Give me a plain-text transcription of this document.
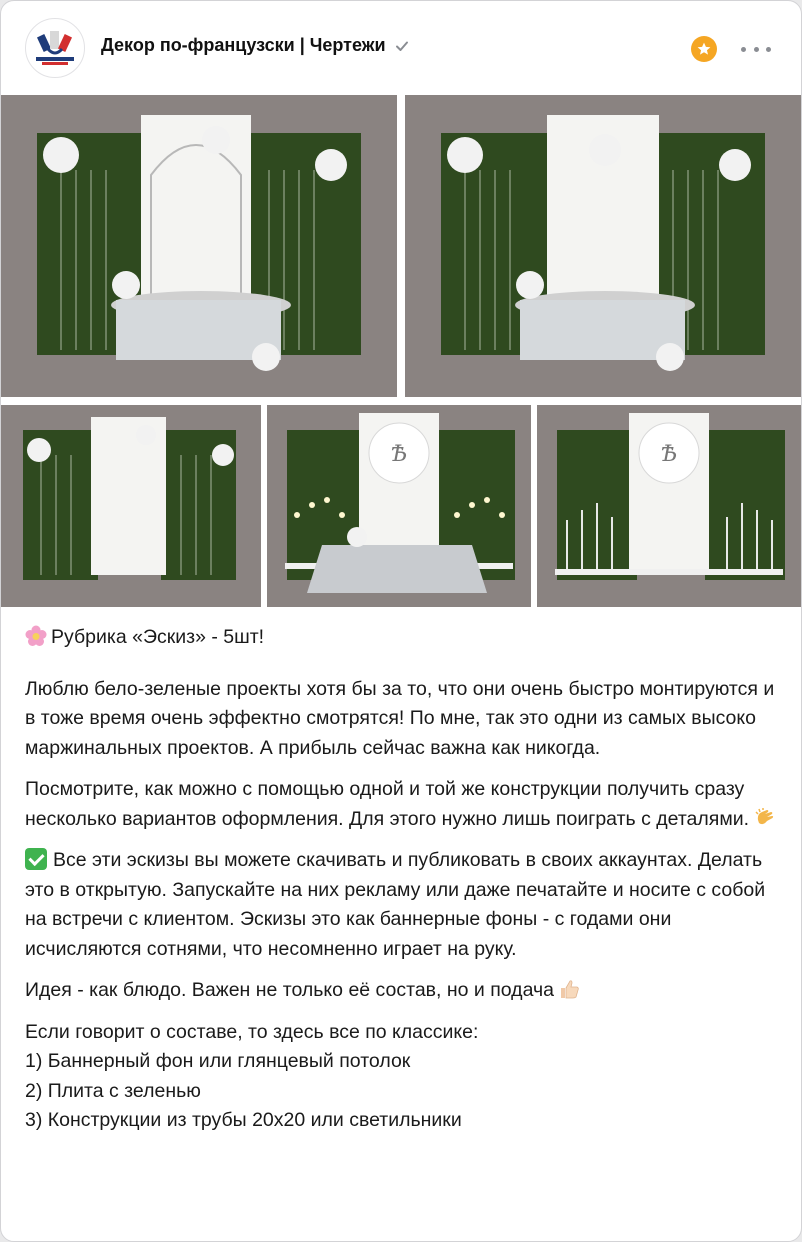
Декор по-французски | Чертежи
Ѣ	Ѣ

Рубрика «Эскиз» - 5шт!

Люблю бело-зеленые проекты хотя бы за то, что они очень быстро монтируются и в тоже время очень эффектно смотрятся! По мне, так это одни из самых высоко маржинальных проектов. А прибыль сейчас важна как никогда.

Посмотрите, как можно с помощью одной и той же конструкции получить сразу несколько вариантов оформления. Для этого нужно лишь поиграть с деталями.

Все эти эскизы вы можете скачивать и публиковать в своих аккаунтах. Делать это в открытую. Запускайте на них рекламу или даже печатайте и носите с собой на встречи с клиентом. Эскизы это как баннерные фоны - с годами они исчисляются сотнями, что несомненно играет на руку.

Идея - как блюдо. Важен не только её состав, но и подача

Если говорит о составе, то здесь все по классике:

1) Баннерный фон или глянцевый потолок

2) Плита с зеленью

3) Конструкции из трубы 20х20 или светильники
